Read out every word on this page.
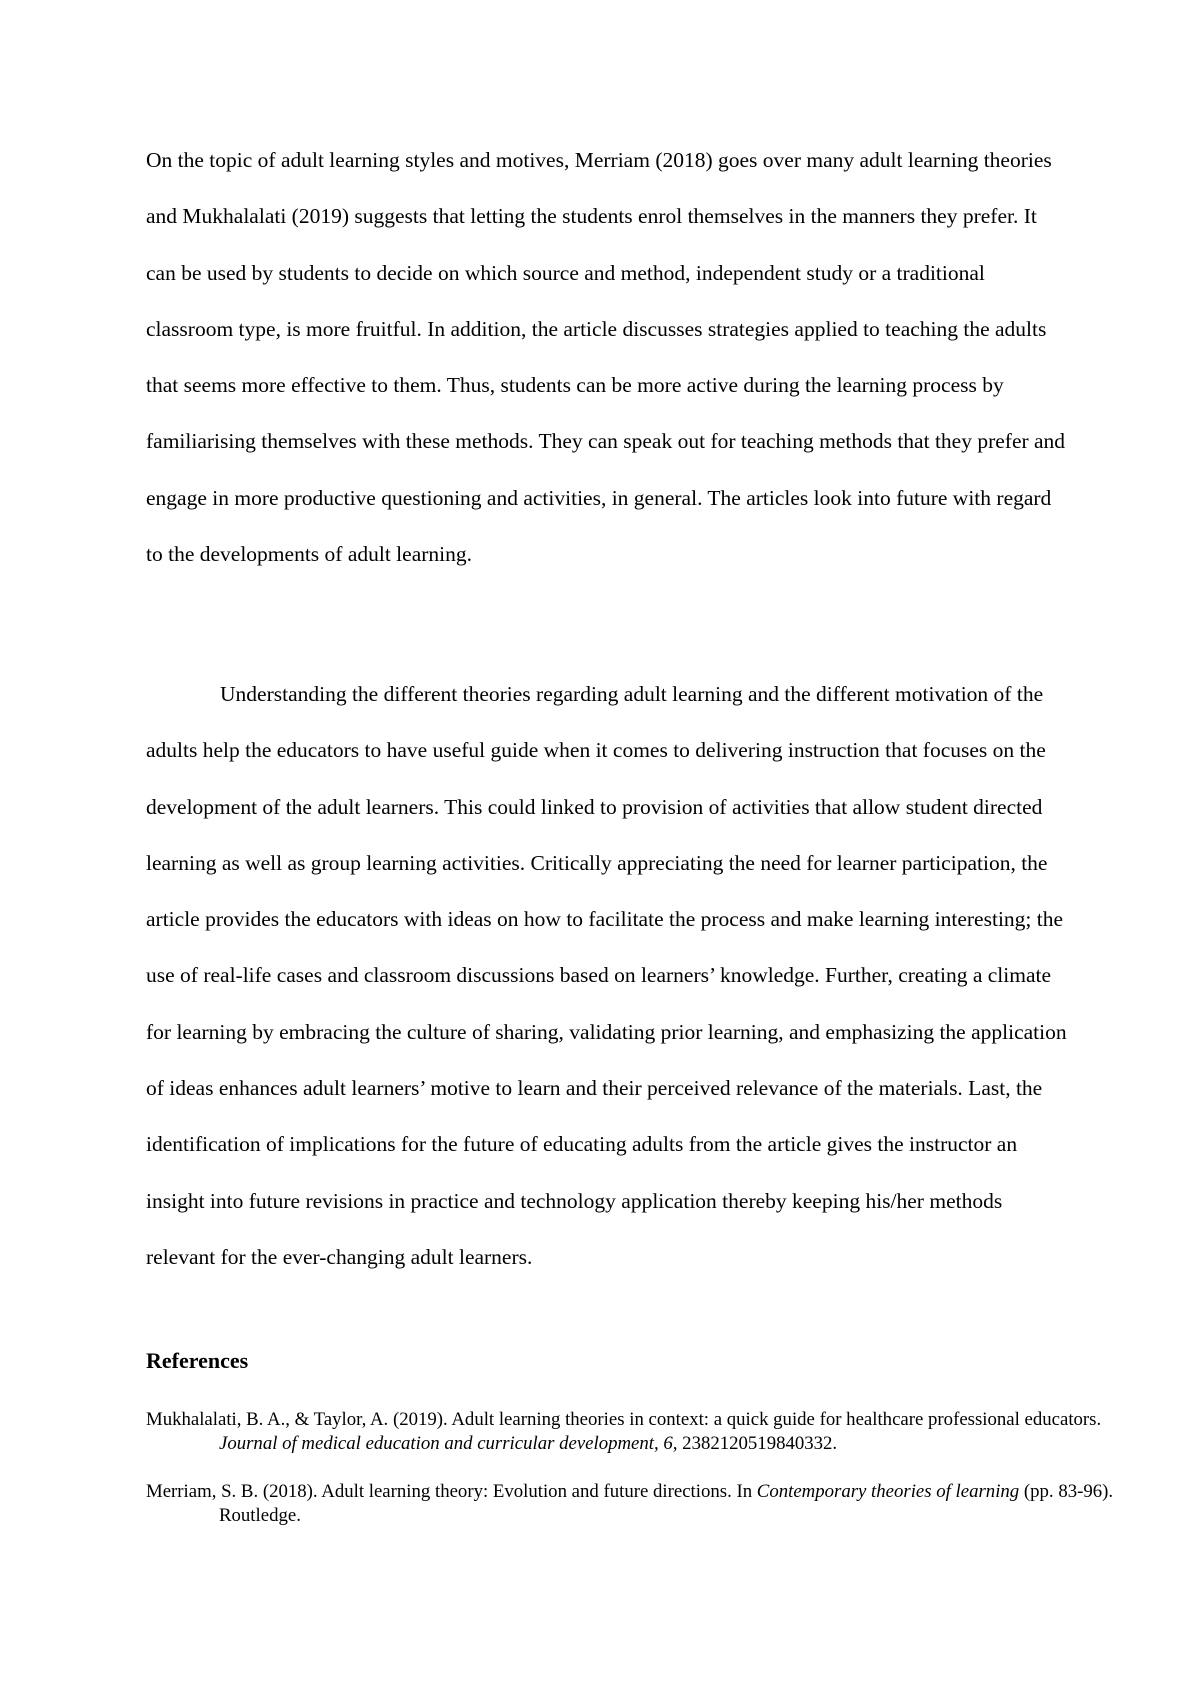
On the topic of adult learning styles and motives, Merriam (2018) goes over many adult learning theories and Mukhalalati (2019) suggests that letting the students enrol themselves in the manners they prefer. It can be used by students to decide on which source and method, independent study or a traditional classroom type, is more fruitful. In addition, the article discusses strategies applied to teaching the adults that seems more effective to them. Thus, students can be more active during the learning process by familiarising themselves with these methods. They can speak out for teaching methods that they prefer and engage in more productive questioning and activities, in general. The articles look into future with regard to the developments of adult learning.

Understanding the different theories regarding adult learning and the different motivation of the adults help the educators to have useful guide when it comes to delivering instruction that focuses on the development of the adult learners. This could linked to provision of activities that allow student directed learning as well as group learning activities. Critically appreciating the need for learner participation, the article provides the educators with ideas on how to facilitate the process and make learning interesting; the use of real-life cases and classroom discussions based on learners’ knowledge. Further, creating a climate for learning by embracing the culture of sharing, validating prior learning, and emphasizing the application of ideas enhances adult learners’ motive to learn and their perceived relevance of the materials. Last, the identification of implications for the future of educating adults from the article gives the instructor an insight into future revisions in practice and technology application thereby keeping his/her methods relevant for the ever-changing adult learners.

References

Mukhalalati, B. A., & Taylor, A. (2019). Adult learning theories in context: a quick guide for healthcare professional educators. Journal of medical education and curricular development, 6, 2382120519840332.

Merriam, S. B. (2018). Adult learning theory: Evolution and future directions. In Contemporary theories of learning (pp. 83-96). Routledge.
